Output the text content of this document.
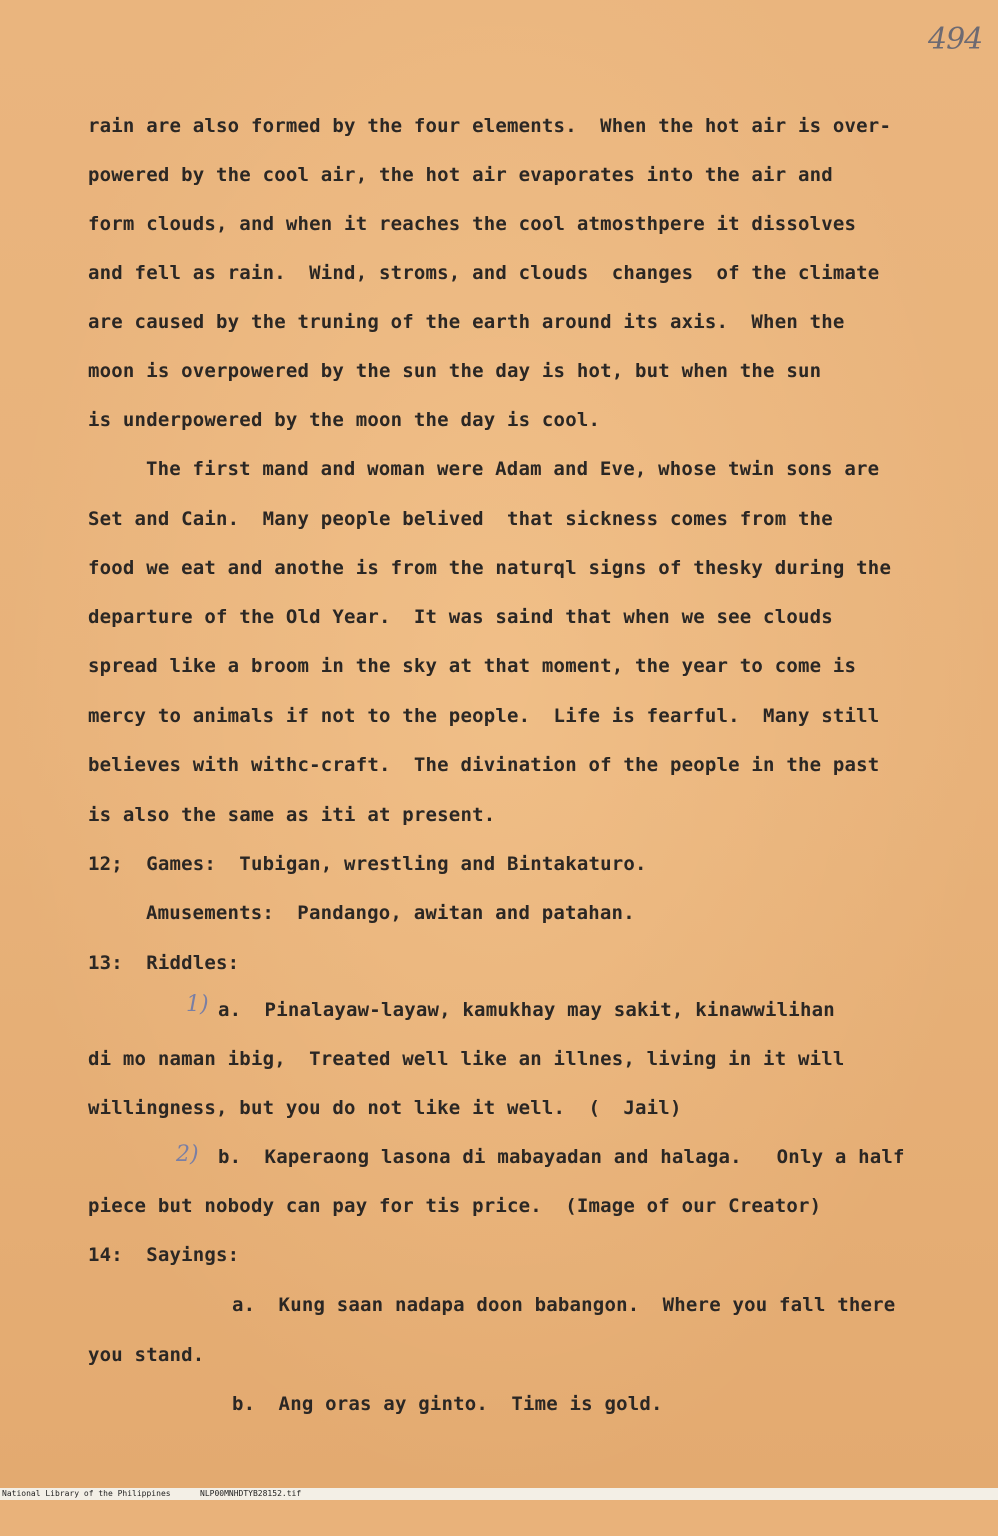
494
rain are also formed by the four elements.  When the hot air is over-
powered by the cool air, the hot air evaporates into the air and
form clouds, and when it reaches the cool atmosthpere it dissolves
and fell as rain.  Wind, stroms, and clouds  changes  of the climate
are caused by the truning of the earth around its axis.  When the
moon is overpowered by the sun the day is hot, but when the sun
is underpowered by the moon the day is cool.
The first mand and woman were Adam and Eve, whose twin sons are
Set and Cain.  Many people belived  that sickness comes from the
food we eat and anothe is from the naturql signs of thesky during the
departure of the Old Year.  It was saind that when we see clouds
spread like a broom in the sky at that moment, the year to come is
mercy to animals if not to the people.  Life is fearful.  Many still
believes with withc-craft.  The divination of the people in the past
is also the same as iti at present.
12;  Games:  Tubigan, wrestling and Bintakaturo.
Amusements:  Pandango, awitan and patahan.
13:  Riddles:
1) a.  Pinalayaw-layaw, kamukhay may sakit, kinawwilihan
di mo naman ibig,  Treated well like an illnes, living in it will
willingness, but you do not like it well.  (  Jail)
2) b.  Kaperaong lasona di mabayadan and halaga.   Only a half
piece but nobody can pay for tis price.  (Image of our Creator)
14:  Sayings:
a.  Kung saan nadapa doon babangon.  Where you fall there
you stand.
b.  Ang oras ay ginto.  Time is gold.

National Library of the Philippines

	NLP00MNHDTYB28152.tif
